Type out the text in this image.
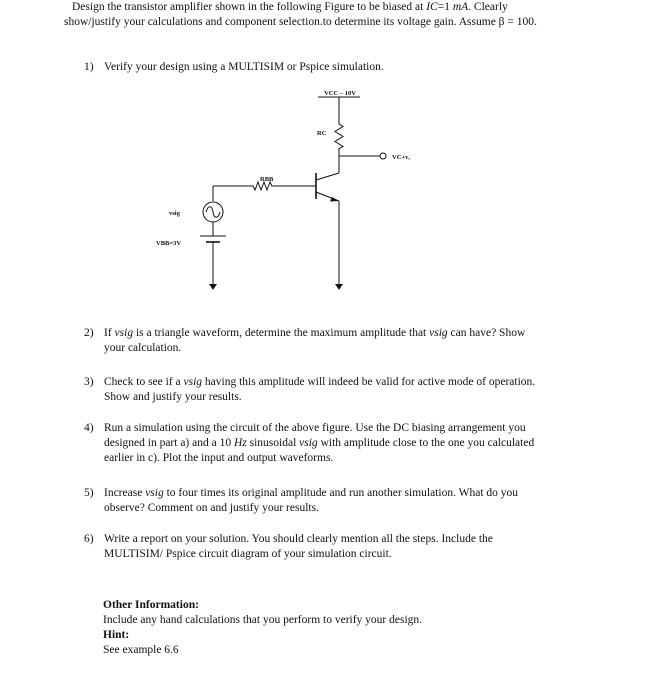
Design the transistor amplifier shown in the following Figure to be biased at IC=1 mA. Clearly
show/justify your calculations and component selection.to determine its voltage gain. Assume β = 100.
1) Verify your design using a MULTISIM or Pspice simulation.
VCC – 10V
RC
VC+vₒ
RBB
vsig
VBB=3V
2) If vsig is a triangle waveform, determine the maximum amplitude that vsig can have? Show
your calculation.
3) Check to see if a vsig having this amplitude will indeed be valid for active mode of operation.
Show and justify your results.
4) Run a simulation using the circuit of the above figure. Use the DC biasing arrangement you
designed in part a) and a 10 Hz sinusoidal vsig with amplitude close to the one you calculated
earlier in c). Plot the input and output waveforms.
5) Increase vsig to four times its original amplitude and run another simulation. What do you
observe? Comment on and justify your results.
6) Write a report on your solution. You should clearly mention all the steps. Include the
MULTISIM/ Pspice circuit diagram of your simulation circuit.
Other Information:
Include any hand calculations that you perform to verify your design.
Hint:
See example 6.6
